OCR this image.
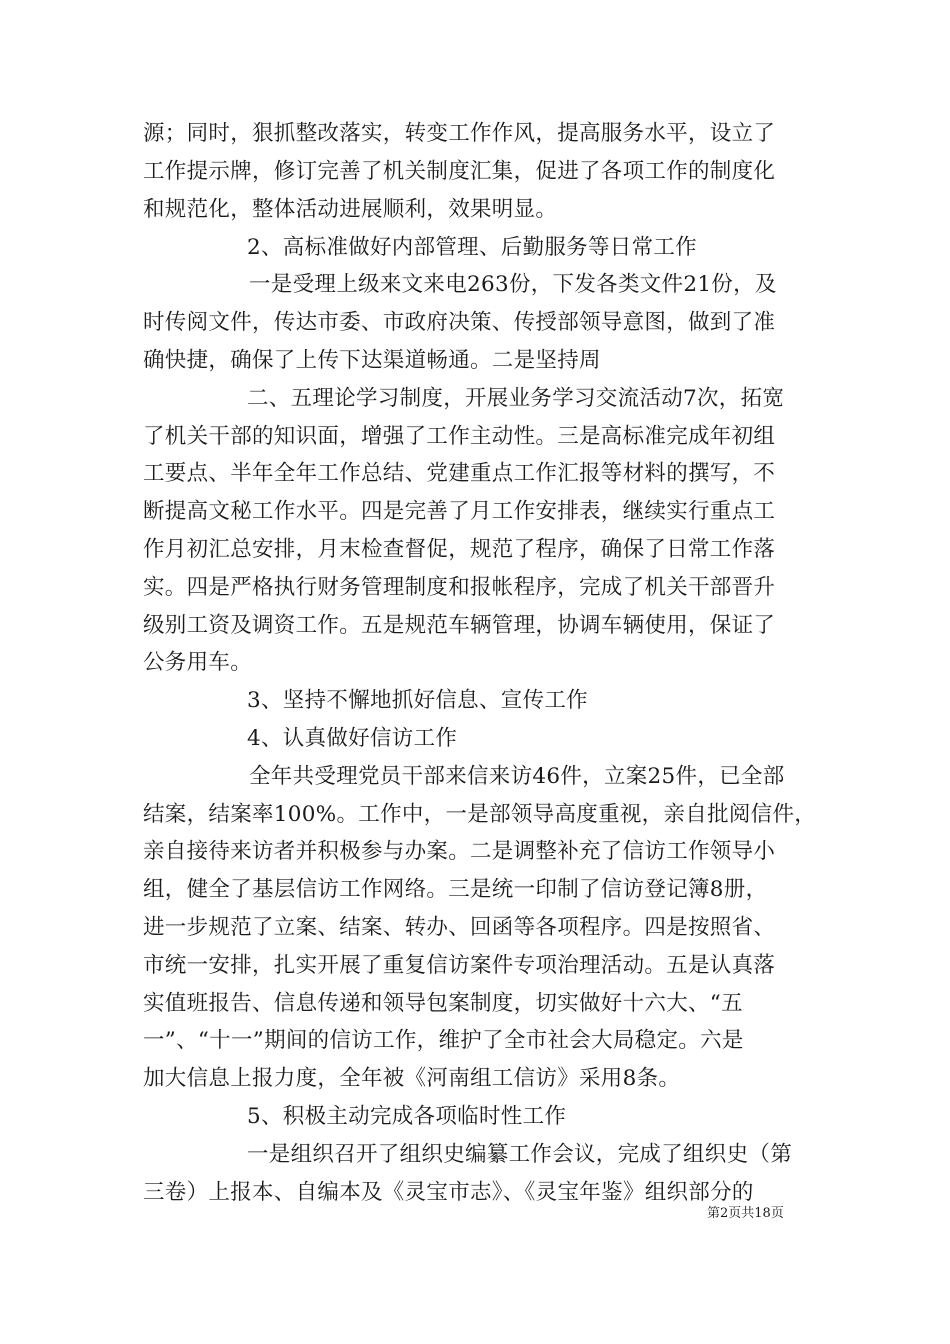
源；同时，狠抓整改落实，转变工作作风，提高服务水平，设立了
工作提示牌，修订完善了机关制度汇集，促进了各项工作的制度化
和规范化，整体活动进展顺利，效果明显。
2、高标准做好内部管理、后勤服务等日常工作
一是受理上级来文来电263份，下发各类文件21份，及
时传阅文件，传达市委、市政府决策、传授部领导意图，做到了准
确快捷，确保了上传下达渠道畅通。二是坚持周
二、五理论学习制度，开展业务学习交流活动7次，拓宽
了机关干部的知识面，增强了工作主动性。三是高标准完成年初组
工要点、半年全年工作总结、党建重点工作汇报等材料的撰写，不
断提高文秘工作水平。四是完善了月工作安排表，继续实行重点工
作月初汇总安排，月末检查督促，规范了程序，确保了日常工作落
实。四是严格执行财务管理制度和报帐程序，完成了机关干部晋升
级别工资及调资工作。五是规范车辆管理，协调车辆使用，保证了
公务用车。
3、坚持不懈地抓好信息、宣传工作
4、认真做好信访工作
全年共受理党员干部来信来访46件，立案25件，已全部
结案，结案率100%。工作中，一是部领导高度重视，亲自批阅信件，
亲自接待来访者并积极参与办案。二是调整补充了信访工作领导小
组，健全了基层信访工作网络。三是统一印制了信访登记簿8册，
进一步规范了立案、结案、转办、回函等各项程序。四是按照省、
市统一安排，扎实开展了重复信访案件专项治理活动。五是认真落
实值班报告、信息传递和领导包案制度，切实做好十六大、“五
一”、“十一”期间的信访工作，维护了全市社会大局稳定。六是
加大信息上报力度，全年被《河南组工信访》采用8条。
5、积极主动完成各项临时性工作
一是组织召开了组织史编纂工作会议，完成了组织史（第
三卷）上报本、自编本及《灵宝市志》、《灵宝年鉴》组织部分的
第2页共18页
